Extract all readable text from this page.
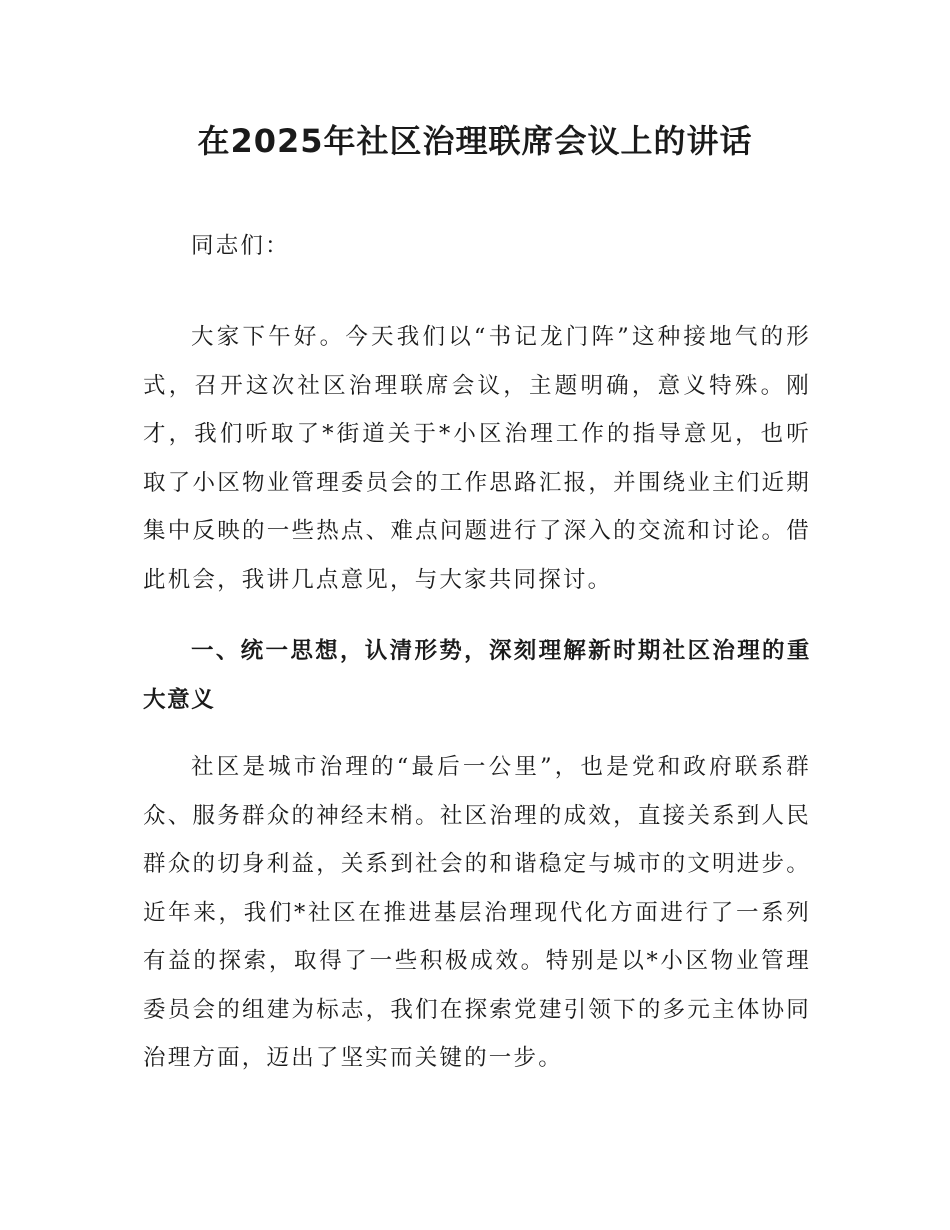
在2025年社区治理联席会议上的讲话

同志们：

大家下午好。今天我们以“书记龙门阵”这种接地气的形式，召开这次社区治理联席会议，主题明确，意义特殊。刚才，我们听取了*街道关于*小区治理工作的指导意见，也听取了小区物业管理委员会的工作思路汇报，并围绕业主们近期集中反映的一些热点、难点问题进行了深入的交流和讨论。借此机会，我讲几点意见，与大家共同探讨。

一、统一思想，认清形势，深刻理解新时期社区治理的重大意义

社区是城市治理的“最后一公里”，也是党和政府联系群众、服务群众的神经末梢。社区治理的成效，直接关系到人民群众的切身利益，关系到社会的和谐稳定与城市的文明进步。近年来，我们*社区在推进基层治理现代化方面进行了一系列有益的探索，取得了一些积极成效。特别是以*小区物业管理委员会的组建为标志，我们在探索党建引领下的多元主体协同治理方面，迈出了坚实而关键的一步。
